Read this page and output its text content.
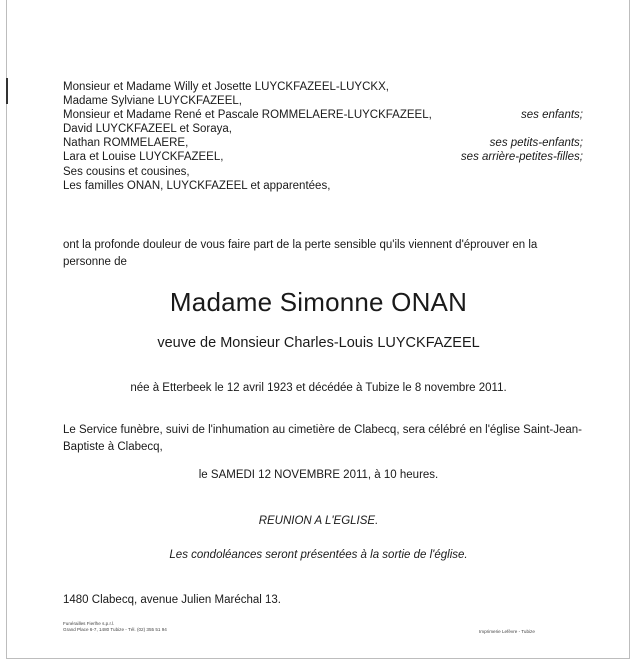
Monsieur et Madame Willy et Josette LUYCKFAZEEL-LUYCKX,
Madame Sylviane LUYCKFAZEEL,
Monsieur et Madame René et Pascale ROMMELAERE-LUYCKFAZEEL,	ses enfants;
David LUYCKFAZEEL et Soraya,
Nathan ROMMELAERE,	ses petits-enfants;
Lara et Louise LUYCKFAZEEL,	ses arrière-petites-filles;
Ses cousins et cousines,
Les familles ONAN, LUYCKFAZEEL et apparentées,
ont la profonde douleur de vous faire part de la perte sensible qu'ils viennent d'éprouver en la personne de
Madame Simonne ONAN
veuve de Monsieur Charles-Louis LUYCKFAZEEL
née à Etterbeek le 12 avril 1923 et décédée à Tubize le 8 novembre 2011.
Le Service funèbre, suivi de l'inhumation au cimetière de Clabecq, sera célébré en l'église Saint-Jean-Baptiste à Clabecq,
le SAMEDI 12 NOVEMBRE 2011, à 10 heures.
REUNION A L'EGLISE.
Les condoléances seront présentées à la sortie de l'église.
1480 Clabecq, avenue Julien Maréchal 13.
Funérailles Fierlhe s.p.r.l.
Grand Place 6-7, 1480 Tubize - Tél. (02) 355 51 94	Imprimerie Lefèvre - Tubize
